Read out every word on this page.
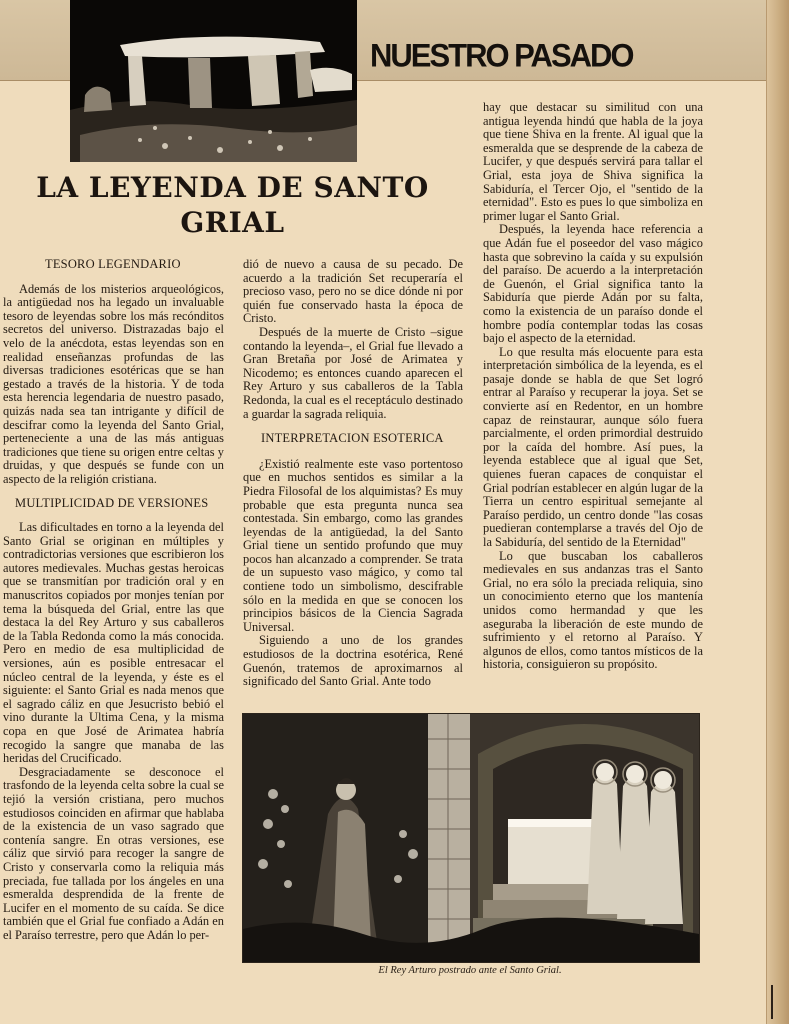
NUESTRO PASADO
LA LEYENDA DE SANTO GRIAL
TESORO LEGENDARIO

Además de los misterios arqueológicos, la antigüedad nos ha legado un invaluable tesoro de leyendas sobre los más recónditos secretos del universo. Distrazadas bajo el velo de la anécdota, estas leyendas son en realidad enseñanzas profundas de las diversas tradiciones esotéricas que se han gestado a través de la historia. Y de toda esta herencia legendaria de nuestro pasado, quizás nada sea tan intrigante y difícil de descifrar como la leyenda del Santo Grial, perteneciente a una de las más antiguas tradiciones que tiene su origen entre celtas y druidas, y que después se funde con un aspecto de la religión cristiana.

MULTIPLICIDAD DE VERSIONES

Las dificultades en torno a la leyenda del Santo Grial se originan en múltiples y contradictorias versiones que escribieron los autores medievales. Muchas gestas heroicas que se transmitían por tradición oral y en manuscritos copiados por monjes tenían por tema la búsqueda del Grial, entre las que destaca la del Rey Arturo y sus caballeros de la Tabla Redonda como la más conocida. Pero en medio de esa multiplicidad de versiones, aún es posible entresacar el núcleo central de la leyenda, y éste es el siguiente: el Santo Grial es nada menos que el sagrado cáliz en que Jesucristo bebió el vino durante la Ultima Cena, y la misma copa en que José de Arimatea habría recogido la sangre que manaba de las heridas del Crucificado.

Desgraciadamente se desconoce el trasfondo de la leyenda celta sobre la cual se tejió la versión cristiana, pero muchos estudiosos coinciden en afirmar que hablaba de la existencia de un vaso sagrado que contenía sangre. En otras versiones, ese cáliz que sirvió para recoger la sangre de Cristo y conservarla como la reliquia más preciada, fue tallada por los ángeles en una esmeralda desprendida de la frente de Lucifer en el momento de su caída. Se dice también que el Grial fue confiado a Adán en el Paraíso terrestre, pero que Adán lo per-

dió de nuevo a causa de su pecado. De acuerdo a la tradición Set recuperaría el precioso vaso, pero no se dice dónde ni por quién fue conservado hasta la época de Cristo.

Después de la muerte de Cristo –sigue contando la leyenda–, el Grial fue llevado a Gran Bretaña por José de Arimatea y Nicodemo; es entonces cuando aparecen el Rey Arturo y sus caballeros de la Tabla Redonda, la cual es el receptáculo destinado a guardar la sagrada reliquia.

INTERPRETACION ESOTERICA

¿Existió realmente este vaso portentoso que en muchos sentidos es similar a la Piedra Filosofal de los alquimistas? Es muy probable que esta pregunta nunca sea contestada. Sin embargo, como las grandes leyendas de la antigüedad, la del Santo Grial tiene un sentido profundo que muy pocos han alcanzado a comprender. Se trata de un supuesto vaso mágico, y como tal contiene todo un simbolismo, descifrable sólo en la medida en que se conocen los principios básicos de la Ciencia Sagrada Universal.

Siguiendo a uno de los grandes estudiosos de la doctrina esotérica, René Guenón, tratemos de aproximarnos al significado del Santo Grial. Ante todo

hay que destacar su similitud con una antigua leyenda hindú que habla de la joya que tiene Shiva en la frente. Al igual que la esmeralda que se desprende de la cabeza de Lucifer, y que después servirá para tallar el Grial, esta joya de Shiva significa la Sabiduría, el Tercer Ojo, el "sentido de la eternidad". Esto es pues lo que simboliza en primer lugar el Santo Grial.

Después, la leyenda hace referencia a que Adán fue el poseedor del vaso mágico hasta que sobrevino la caída y su expulsión del paraíso. De acuerdo a la interpretación de Guenón, el Grial significa tanto la Sabiduría que pierde Adán por su falta, como la existencia de un paraíso donde el hombre podía contemplar todas las cosas bajo el aspecto de la eternidad.

Lo que resulta más elocuente para esta interpretación simbólica de la leyenda, es el pasaje donde se habla de que Set logró entrar al Paraíso y recuperar la joya. Set se convierte así en Redentor, en un hombre capaz de reinstaurar, aunque sólo fuera parcialmente, el orden primordial destruido por la caída del hombre. Así pues, la leyenda establece que al igual que Set, quienes fueran capaces de conquistar el Grial podrían establecer en algún lugar de la Tierra un centro espiritual semejante al Paraíso perdido, un centro donde "las cosas puedieran contemplarse a través del Ojo de la Sabiduría, del sentido de la Eternidad"

Lo que buscaban los caballeros medievales en sus andanzas tras el Santo Grial, no era sólo la preciada reliquia, sino un conocimiento eterno que los mantenía unidos como hermandad y que les aseguraba la liberación de este mundo de sufrimiento y el retorno al Paraíso. Y algunos de ellos, como tantos místicos de la historia, consiguieron su propósito.

El Rey Arturo postrado ante el Santo Grial.
